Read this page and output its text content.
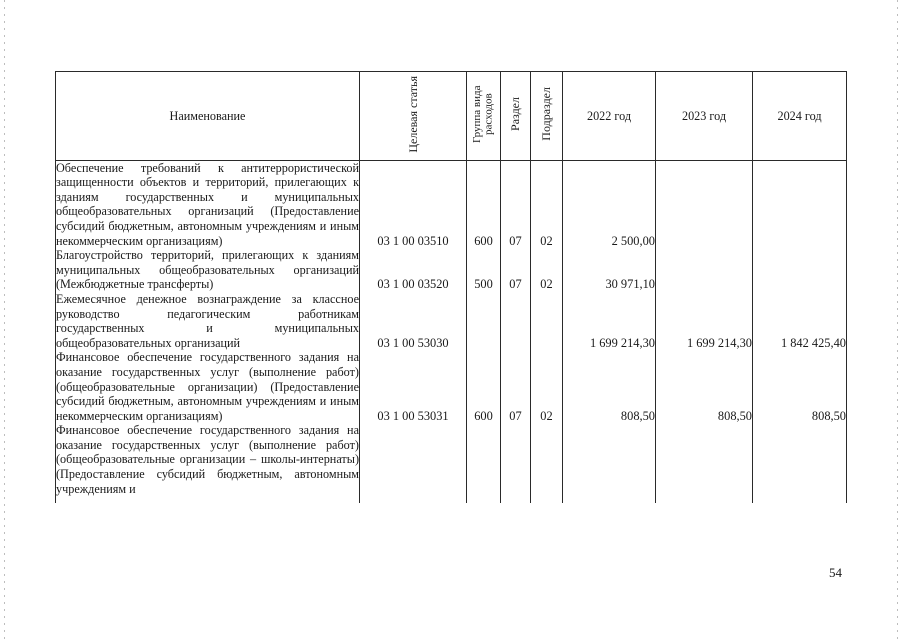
Наименование	Целевая статья	Группа вида расходов	Раздел	Подраздел	2022 год	2023 год	2024 год
Обеспечение требований к антитеррористической защищенности объектов и территорий, прилегающих к зданиям государственных и муниципальных общеобразовательных организаций (Предоставление субсидий бюджетным, автономным учреждениям и иным некоммерческим организациям)	03 1 00 03510	600	07	02	2 500,00		
Благоустройство территорий, прилегающих к зданиям муниципальных общеобразовательных организаций (Межбюджетные трансферты)	03 1 00 03520	500	07	02	30 971,10		
Ежемесячное денежное вознаграждение за классное руководство педагогическим работникам государственных и муниципальных общеобразовательных организаций	03 1 00 53030				1 699 214,30	1 699 214,30	1 842 425,40
Финансовое обеспечение государственного задания на оказание государственных услуг (выполнение работ) (общеобразовательные организации) (Предоставление субсидий бюджетным, автономным учреждениям и иным некоммерческим организациям)	03 1 00 53031	600	07	02	808,50	808,50	808,50
Финансовое обеспечение государственного задания на оказание государственных услуг (выполнение работ) (общеобразовательные организации – школы-интернаты) (Предоставление субсидий бюджетным, автономным учреждениям и							
54
